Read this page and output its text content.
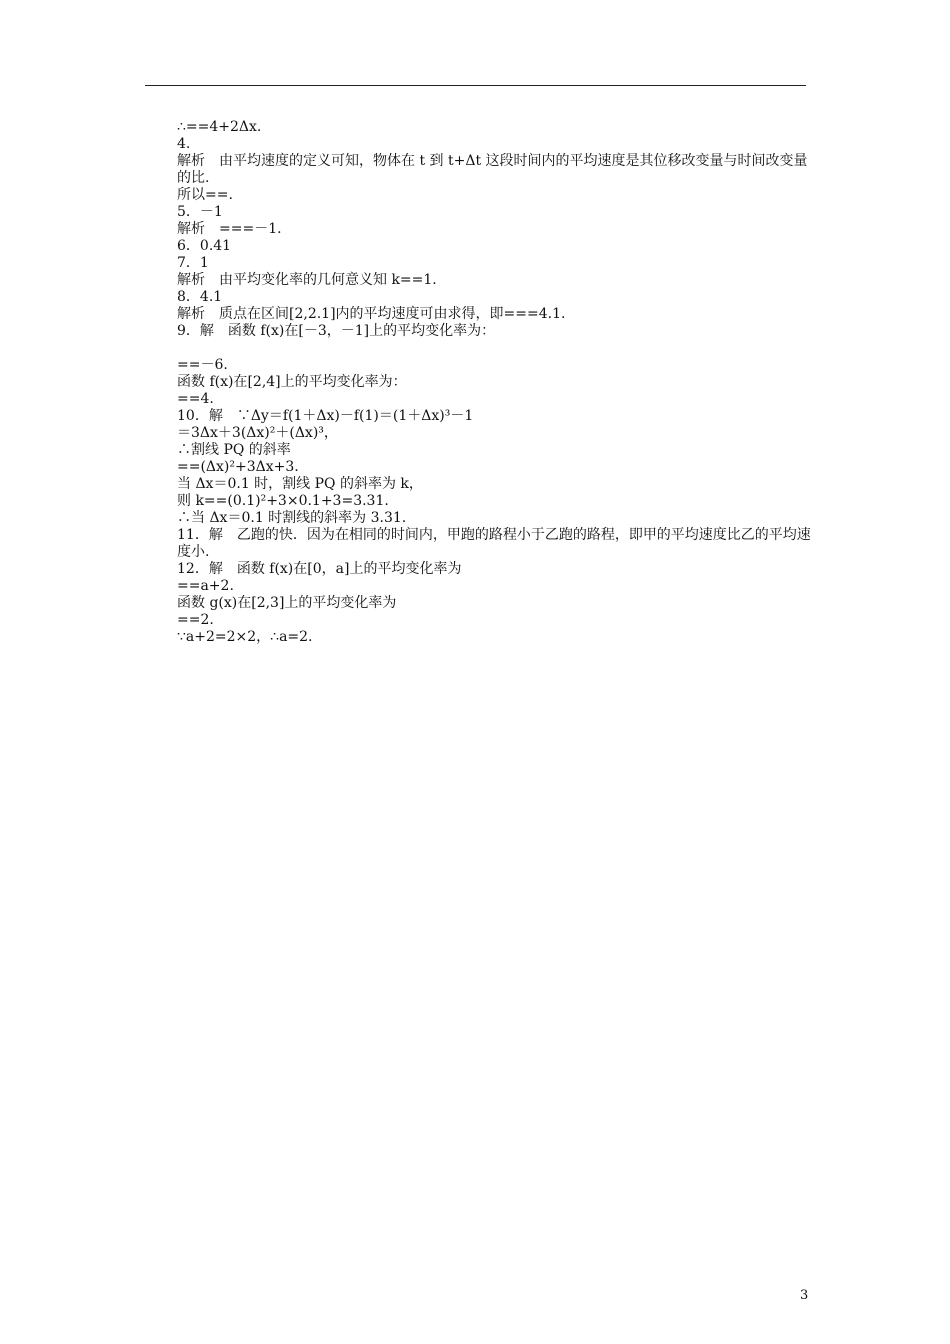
∴==4+2Δx.
4.
解析　由平均速度的定义可知，物体在 t 到 t+Δt 这段时间内的平均速度是其位移改变量与时间改变量的比.
所以==.
5．－1
解析　===－1.
6．0.41
7．1
解析　由平均变化率的几何意义知 k==1.
8．4.1
解析　质点在区间[2,2.1]内的平均速度可由求得，即===4.1.
9．解　函数 f(x)在[－3，－1]上的平均变化率为：
==－6.
函数 f(x)在[2,4]上的平均变化率为：
==4.
10．解　∵Δy＝f(1＋Δx)－f(1)＝(1＋Δx)³－1
＝3Δx＋3(Δx)²＋(Δx)³，
∴割线 PQ 的斜率
==(Δx)²+3Δx+3.
当 Δx＝0.1 时，割线 PQ 的斜率为 k，
则 k==(0.1)²+3×0.1+3=3.31.
∴当 Δx＝0.1 时割线的斜率为 3.31.
11．解　乙跑的快．因为在相同的时间内，甲跑的路程小于乙跑的路程，即甲的平均速度比乙的平均速度小.
12．解　函数 f(x)在[0，a]上的平均变化率为
==a+2.
函数 g(x)在[2,3]上的平均变化率为
==2.
∵a+2=2×2，∴a=2.
3
